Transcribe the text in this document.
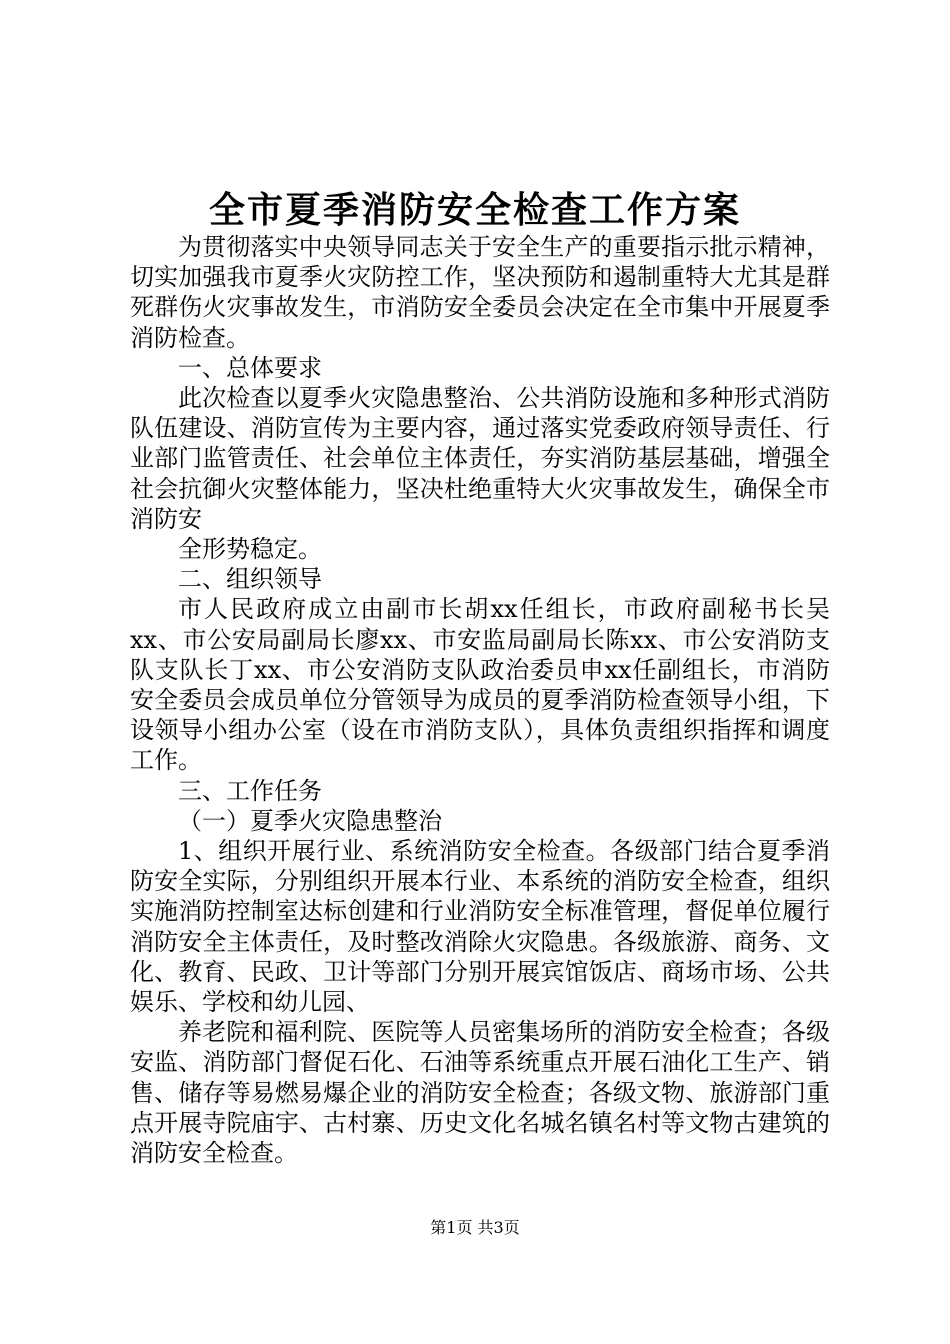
全市夏季消防安全检查工作方案

为贯彻落实中央领导同志关于安全生产的重要指示批示精神，切实加强我市夏季火灾防控工作，坚决预防和遏制重特大尤其是群死群伤火灾事故发生，市消防安全委员会决定在全市集中开展夏季消防检查。

一、总体要求

此次检查以夏季火灾隐患整治、公共消防设施和多种形式消防队伍建设、消防宣传为主要内容，通过落实党委政府领导责任、行业部门监管责任、社会单位主体责任，夯实消防基层基础，增强全社会抗御火灾整体能力，坚决杜绝重特大火灾事故发生，确保全市消防安

全形势稳定。

二、组织领导

市人民政府成立由副市长胡xx任组长，市政府副秘书长吴xx、市公安局副局长廖xx、市安监局副局长陈xx、市公安消防支队支队长丁xx、市公安消防支队政治委员申xx任副组长，市消防安全委员会成员单位分管领导为成员的夏季消防检查领导小组，下设领导小组办公室（设在市消防支队），具体负责组织指挥和调度工作。

三、工作任务

（一）夏季火灾隐患整治

1、组织开展行业、系统消防安全检查。各级部门结合夏季消防安全实际，分别组织开展本行业、本系统的消防安全检查，组织实施消防控制室达标创建和行业消防安全标准管理，督促单位履行消防安全主体责任，及时整改消除火灾隐患。各级旅游、商务、文化、教育、民政、卫计等部门分别开展宾馆饭店、商场市场、公共娱乐、学校和幼儿园、

养老院和福利院、医院等人员密集场所的消防安全检查；各级安监、消防部门督促石化、石油等系统重点开展石油化工生产、销售、储存等易燃易爆企业的消防安全检查；各级文物、旅游部门重点开展寺院庙宇、古村寨、历史文化名城名镇名村等文物古建筑的消防安全检查。

第1页 共3页
